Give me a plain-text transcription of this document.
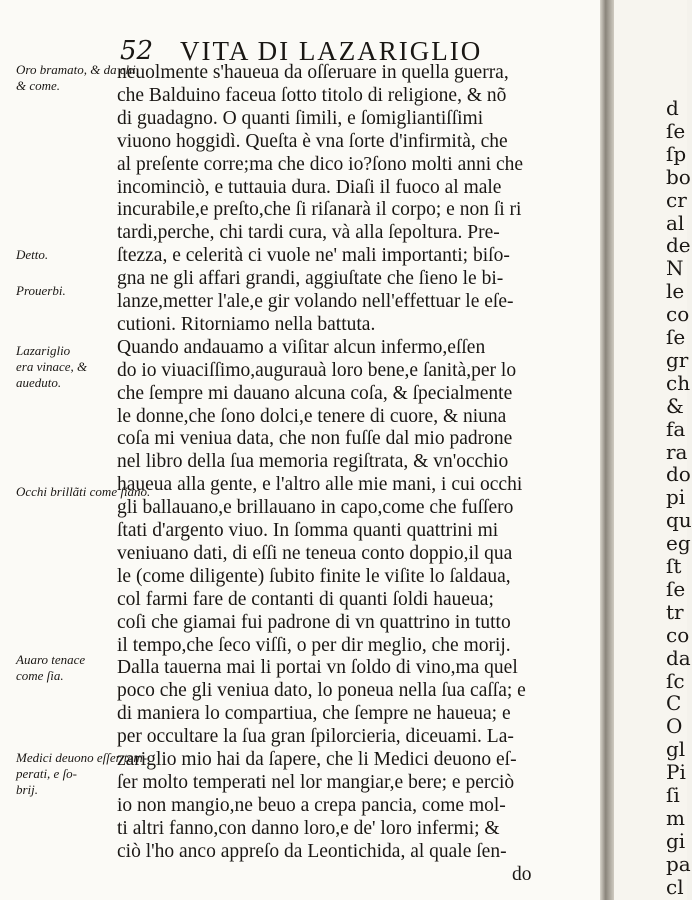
52 VITA DI LAZARIGLIO
Oro bramato, & da chi,
& come.
Detto.
Prouerbi.
Lazariglio
era vinace, &
aueduto.
Occhi brillãti come ſiano.
Auaro tenace
come ſia.
Medici deuono eſſer tem-
perati, e ſo-
brij.
neuolmente s'haueua da oſſeruare in quella guerra,
che Balduino faceua ſotto titolo di religione, & nõ
di guadagno. O quanti ſimili, e ſomigliantiſſimi
viuono hoggidì. Queſta è vna ſorte d'infirmità, che
al preſente corre;ma che dico io?ſono molti anni che
incominciò, e tuttauia dura. Diaſi il fuoco al male
incurabile,e preſto,che ſi riſanarà il corpo; e non ſi ri
tardi,perche, chi tardi cura, và alla ſepoltura. Pre-
ſtezza, e celerità ci vuole ne' mali importanti; biſo-
gna ne gli affari grandi, aggiuſtate che ſieno le bi-
lanze,metter l'ale,e gir volando nell'effettuar le eſe-
cutioni. Ritorniamo nella battuta.
Quando andauamo a viſitar alcun infermo,eſſen
do io viuaciſſimo,augurauà loro bene,e ſanità,per lo
che ſempre mi dauano alcuna coſa, & ſpecialmente
le donne,che ſono dolci,e tenere di cuore, & niuna
coſa mi veniua data, che non fuſſe dal mio padrone
nel libro della ſua memoria regiſtrata, & vn'occhio
haueua alla gente, e l'altro alle mie mani, i cui occhi
gli ballauano,e brillauano in capo,come che fuſſero
ſtati d'argento viuo. In ſomma quanti quattrini mi
veniuano dati, di eſſi ne teneua conto doppio,il qua
le (come diligente) ſubito finite le viſite lo ſaldaua,
col farmi fare de contanti di quanti ſoldi haueua;
coſi che giamai fui padrone di vn quattrino in tutto
il tempo,che ſeco viſſi, o per dir meglio, che morij.
Dalla tauerna mai li portai vn ſoldo di vino,ma quel
poco che gli veniua dato, lo poneua nella ſua caſſa; e
di maniera lo compartiua, che ſempre ne haueua; e
per occultare la ſua gran ſpilorcieria, diceuami. La-
zariglio mio hai da ſapere, che li Medici deuono eſ-
ſer molto temperati nel lor mangiar,e bere; e perciò
io non mangio,ne beuo a crepa pancia, come mol-
ti altri fanno,con danno loro,e de' loro infermi; &
ciò l'ho anco appreſo da Leontichida, al quale ſen-
do
d
ſe
ſp
bo
cr
al
de
N
le
co
ſe
gr
ch
&
fa
ra
do
pi
qu
eg
ſt
ſe
tr
co
da
ſc
C
O
gl
Pi
ſi
m
gi
pa
cl
